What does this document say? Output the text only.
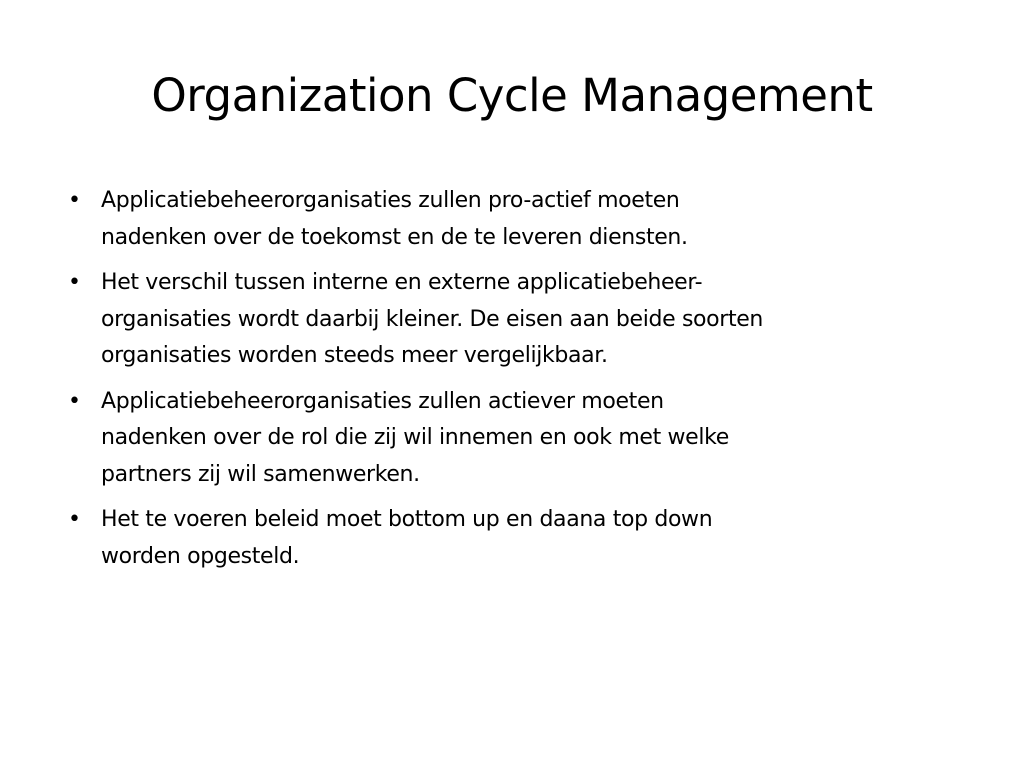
Organization Cycle Management
• Applicatiebeheerorganisaties zullen pro-actief moeten
nadenken over de toekomst en de te leveren diensten.
• Het verschil tussen interne en externe applicatiebeheer-
organisaties wordt daarbij kleiner. De eisen aan beide soorten
organisaties worden steeds meer vergelijkbaar.
• Applicatiebeheerorganisaties zullen actiever moeten
nadenken over de rol die zij wil innemen en ook met welke
partners zij wil samenwerken.
• Het te voeren beleid moet bottom up en daana top down
worden opgesteld.
